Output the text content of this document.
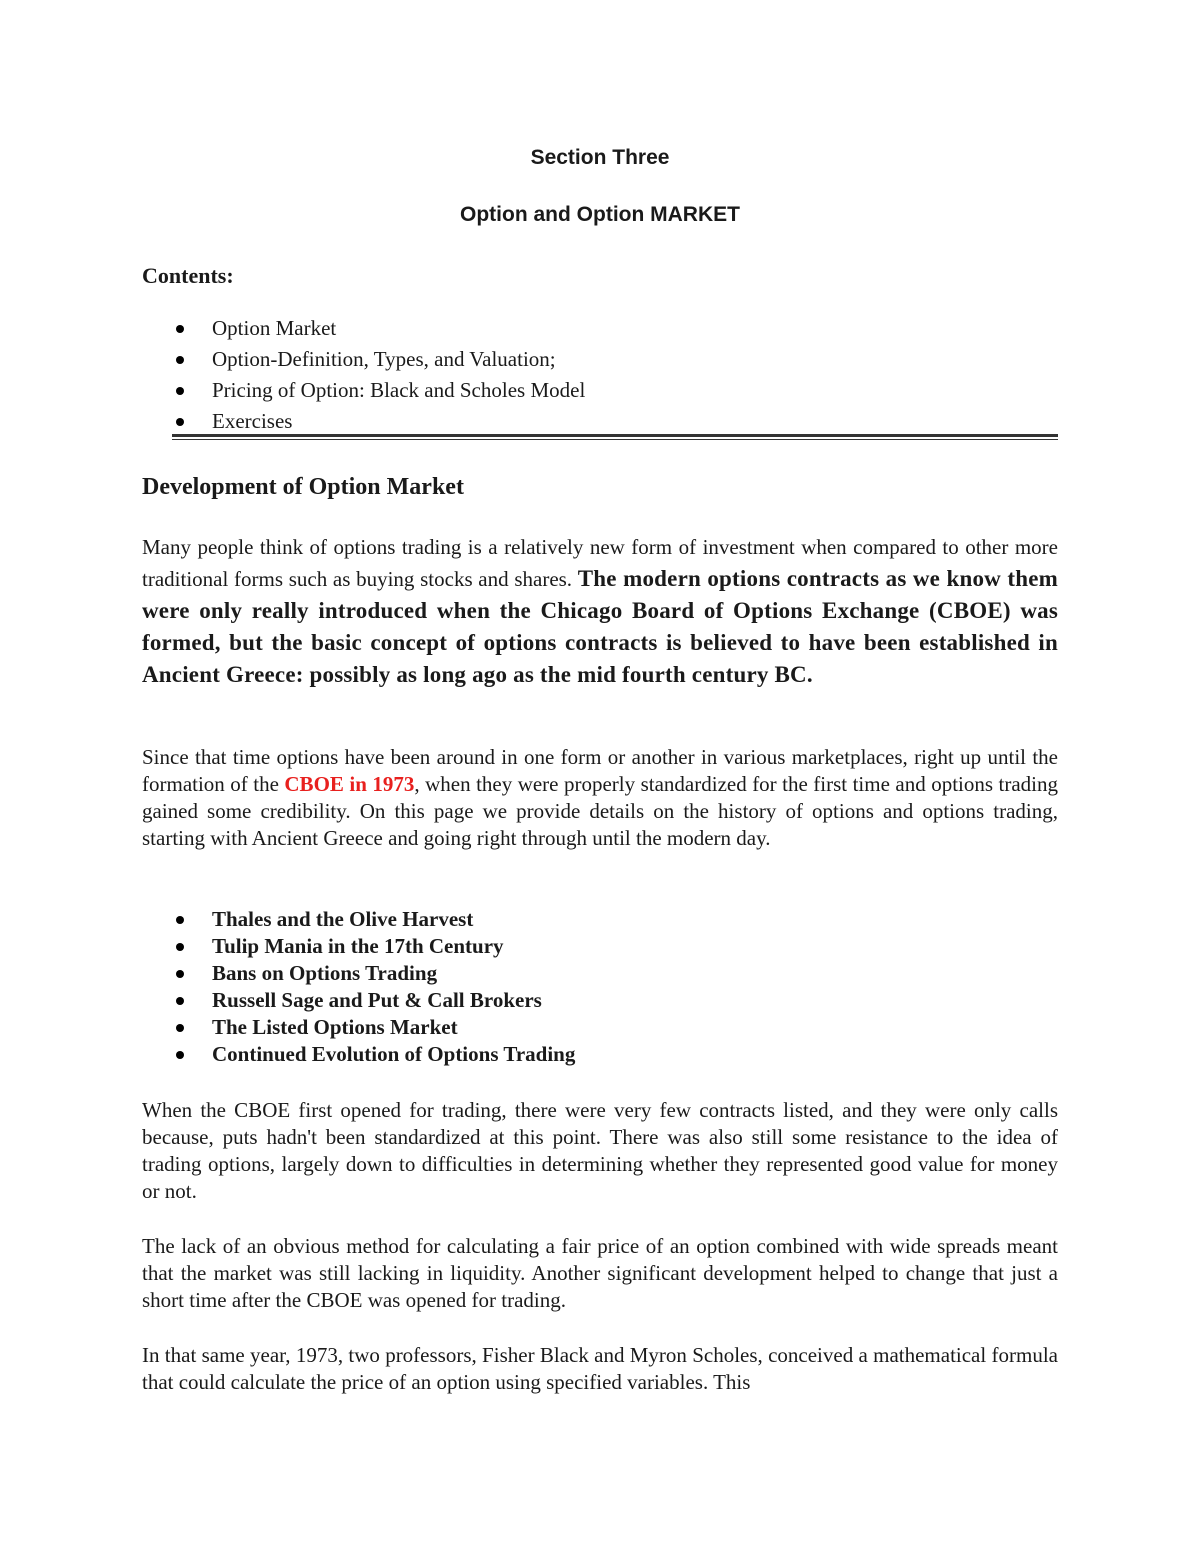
Section Three
Option and Option MARKET
Contents:
Option Market
Option-Definition, Types, and Valuation;
Pricing of Option: Black and Scholes Model
Exercises
Development of Option Market

Many people think of options trading is a relatively new form of investment when compared to other more traditional forms such as buying stocks and shares. The modern options contracts as we know them were only really introduced when the Chicago Board of Options Exchange (CBOE) was formed, but the basic concept of options contracts is believed to have been established in Ancient Greece: possibly as long ago as the mid fourth century BC.

Since that time options have been around in one form or another in various marketplaces, right up until the formation of the CBOE in 1973, when they were properly standardized for the first time and options trading gained some credibility. On this page we provide details on the history of options and options trading, starting with Ancient Greece and going right through until the modern day.

Thales and the Olive Harvest
Tulip Mania in the 17th Century
Bans on Options Trading
Russell Sage and Put & Call Brokers
The Listed Options Market
Continued Evolution of Options Trading

When the CBOE first opened for trading, there were very few contracts listed, and they were only calls because, puts hadn't been standardized at this point. There was also still some resistance to the idea of trading options, largely down to difficulties in determining whether they represented good value for money or not.

The lack of an obvious method for calculating a fair price of an option combined with wide spreads meant that the market was still lacking in liquidity. Another significant development helped to change that just a short time after the CBOE was opened for trading.

In that same year, 1973, two professors, Fisher Black and Myron Scholes, conceived a mathematical formula that could calculate the price of an option using specified variables. This
